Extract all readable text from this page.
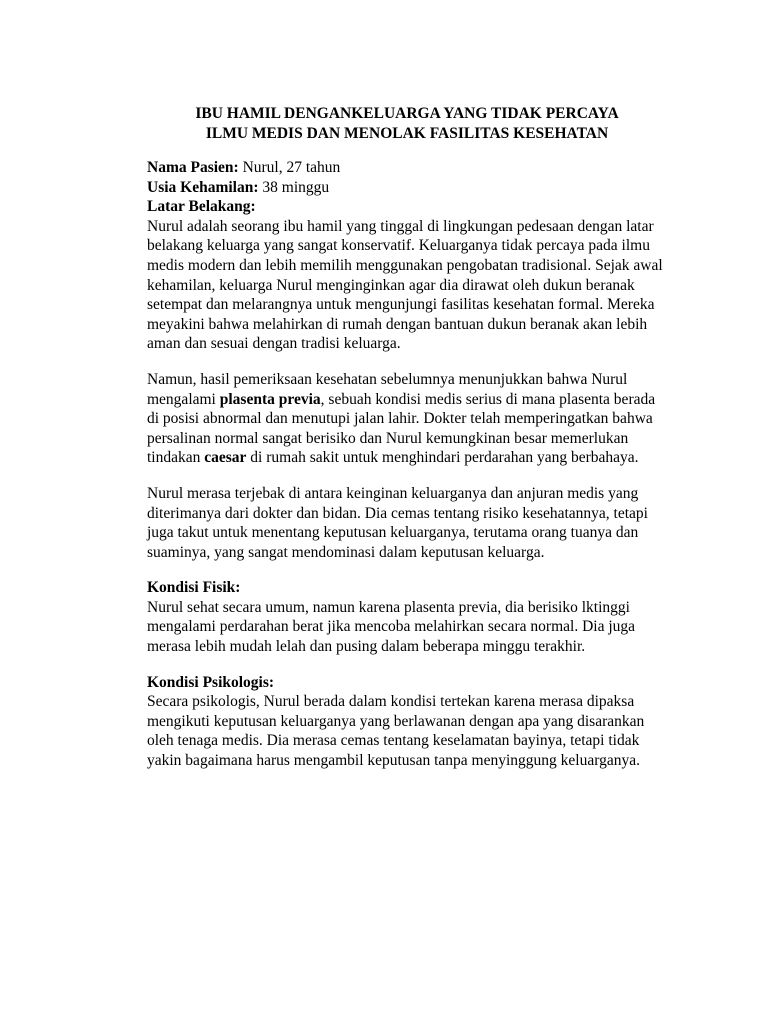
IBU HAMIL DENGANKELUARGA YANG TIDAK PERCAYA
ILMU MEDIS DAN MENOLAK FASILITAS KESEHATAN

Nama Pasien: Nurul, 27 tahun

Usia Kehamilan: 38 minggu

Latar Belakang:

Nurul adalah seorang ibu hamil yang tinggal di lingkungan pedesaan dengan latar belakang keluarga yang sangat konservatif. Keluarganya tidak percaya pada ilmu medis modern dan lebih memilih menggunakan pengobatan tradisional. Sejak awal kehamilan, keluarga Nurul menginginkan agar dia dirawat oleh dukun beranak setempat dan melarangnya untuk mengunjungi fasilitas kesehatan formal. Mereka meyakini bahwa melahirkan di rumah dengan bantuan dukun beranak akan lebih aman dan sesuai dengan tradisi keluarga.

Namun, hasil pemeriksaan kesehatan sebelumnya menunjukkan bahwa Nurul mengalami plasenta previa, sebuah kondisi medis serius di mana plasenta berada di posisi abnormal dan menutupi jalan lahir. Dokter telah memperingatkan bahwa persalinan normal sangat berisiko dan Nurul kemungkinan besar memerlukan tindakan caesar di rumah sakit untuk menghindari perdarahan yang berbahaya.

Nurul merasa terjebak di antara keinginan keluarganya dan anjuran medis yang diterimanya dari dokter dan bidan. Dia cemas tentang risiko kesehatannya, tetapi juga takut untuk menentang keputusan keluarganya, terutama orang tuanya dan suaminya, yang sangat mendominasi dalam keputusan keluarga.

Kondisi Fisik:

Nurul sehat secara umum, namun karena plasenta previa, dia berisiko lktinggi mengalami perdarahan berat jika mencoba melahirkan secara normal. Dia juga merasa lebih mudah lelah dan pusing dalam beberapa minggu terakhir.

Kondisi Psikologis:

Secara psikologis, Nurul berada dalam kondisi tertekan karena merasa dipaksa mengikuti keputusan keluarganya yang berlawanan dengan apa yang disarankan oleh tenaga medis. Dia merasa cemas tentang keselamatan bayinya, tetapi tidak yakin bagaimana harus mengambil keputusan tanpa menyinggung keluarganya.
